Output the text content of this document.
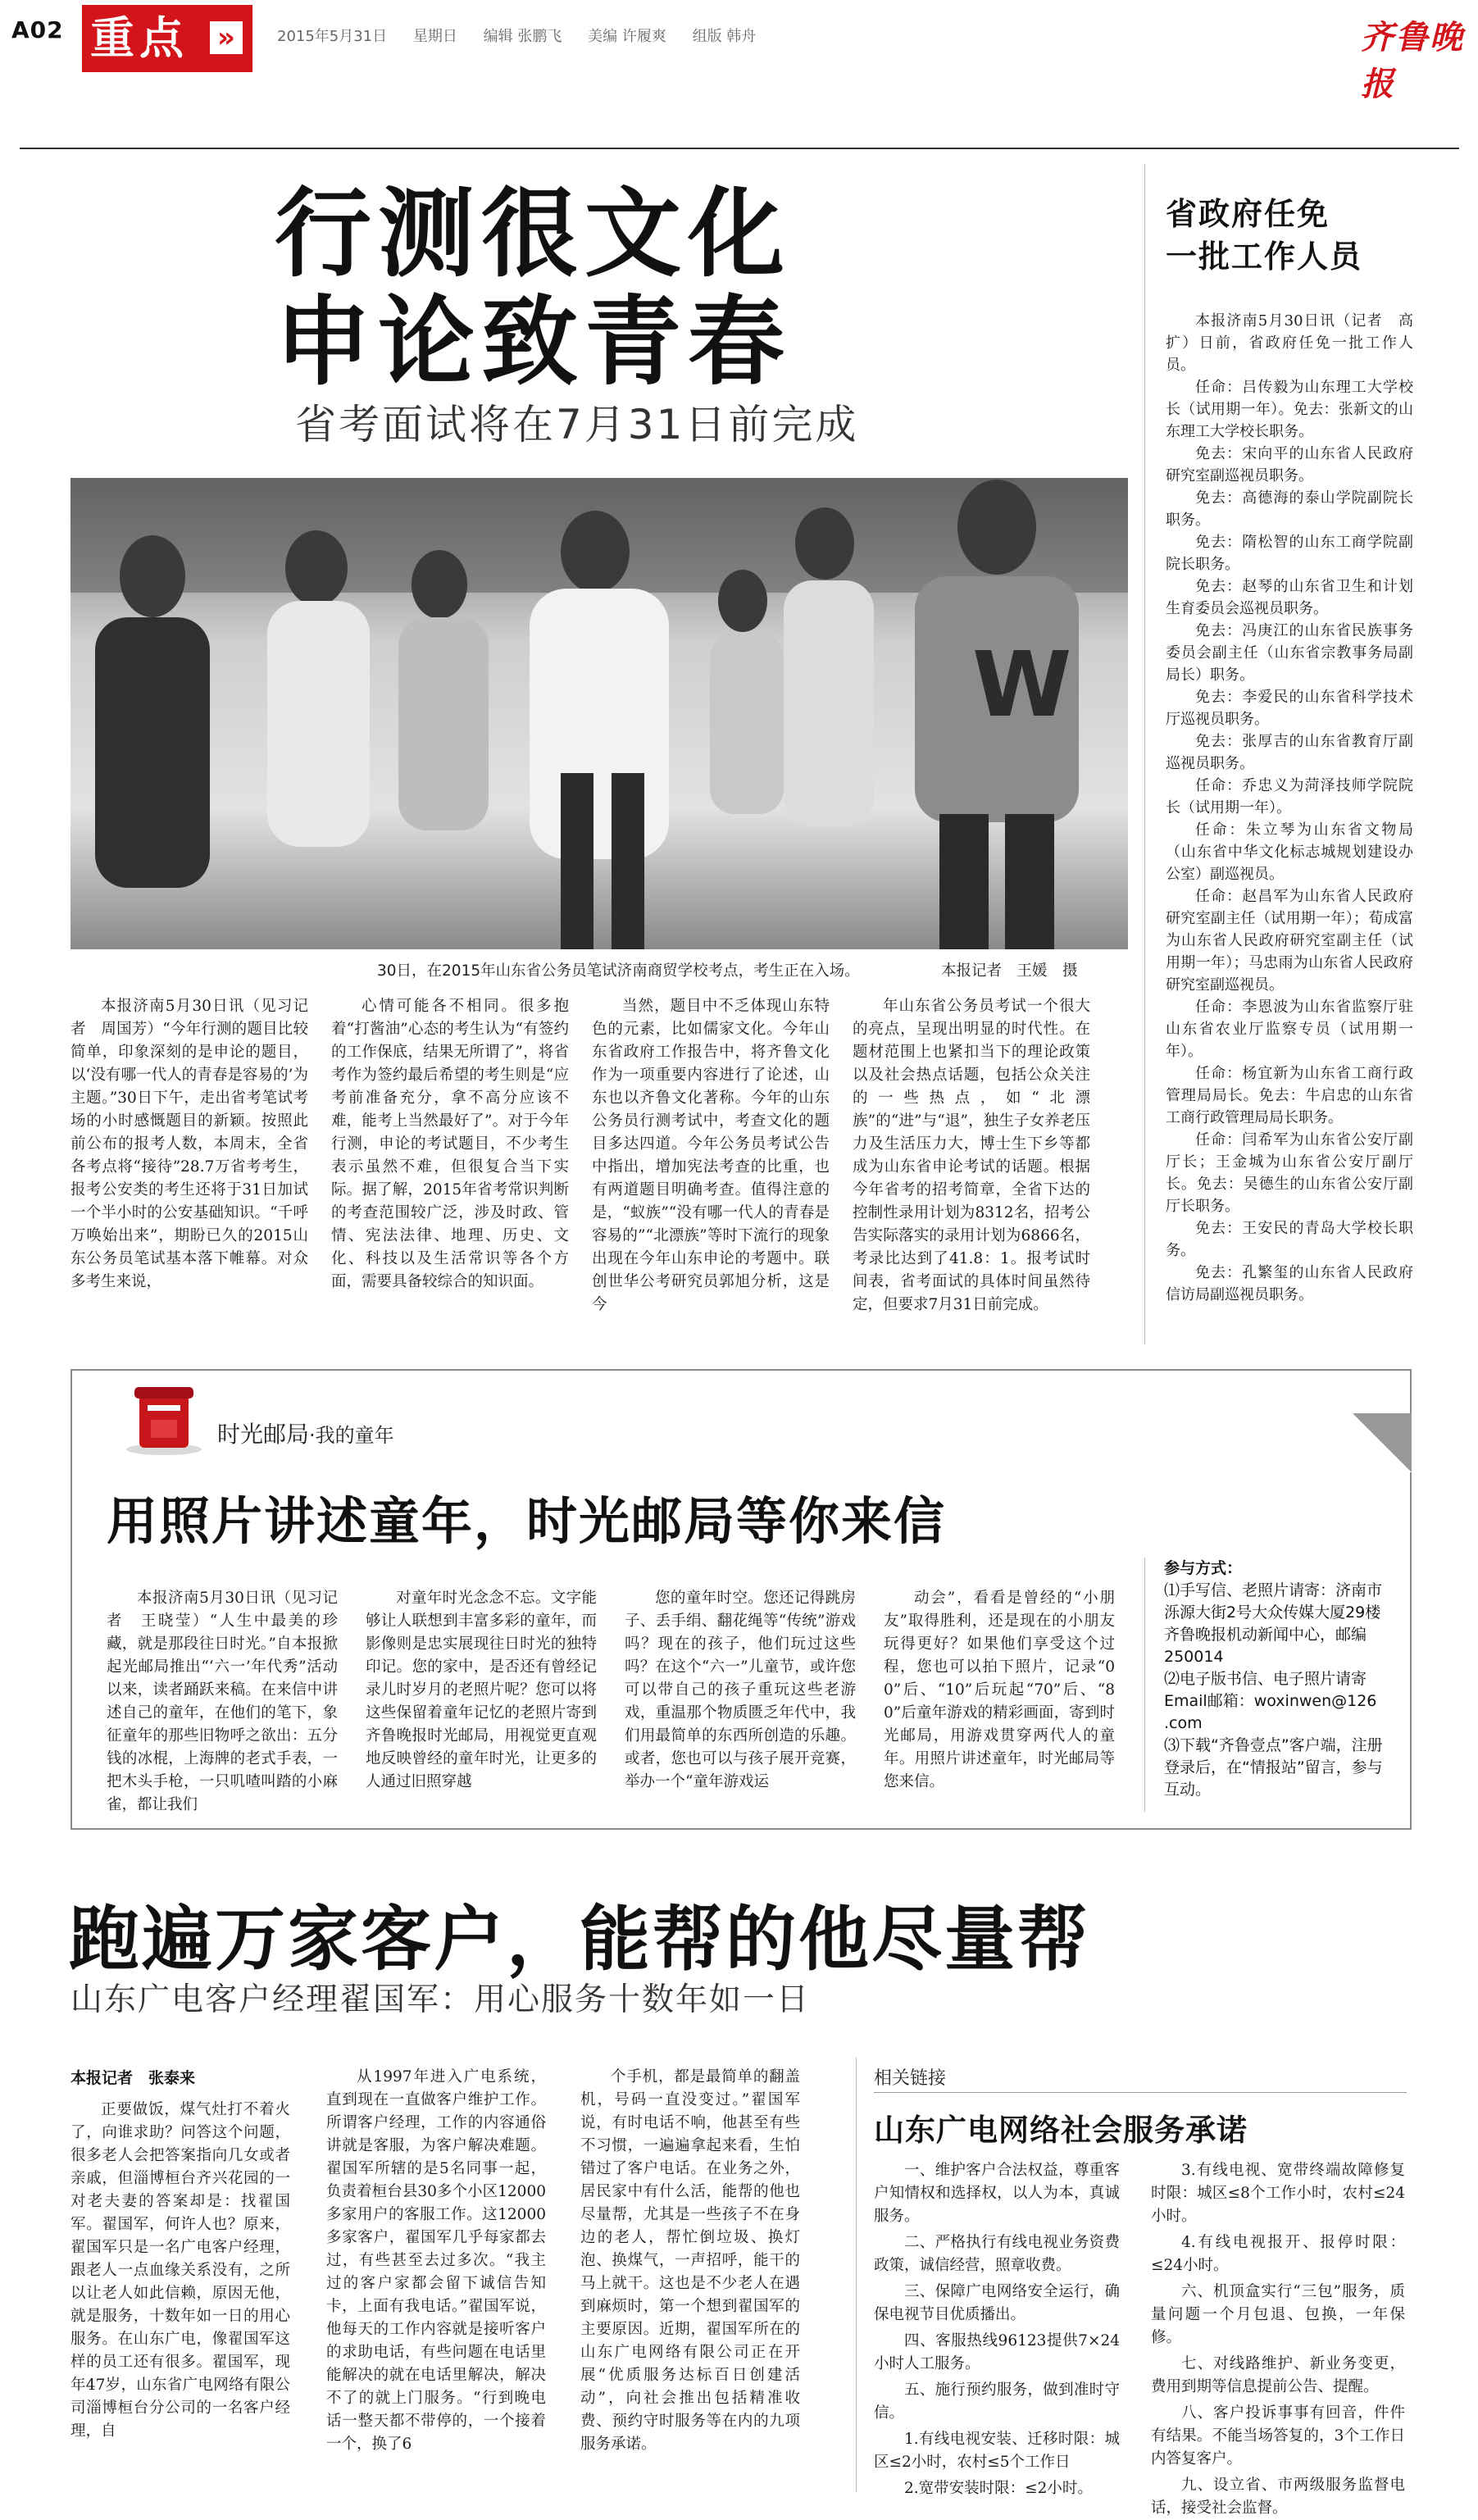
A02 重点	»	2015年5月31日 星期日 编辑 张鹏飞 美编 许履爽 组版 韩舟	齐鲁晚报
行测很文化
申论致青春
省考面试将在7月31日前完成
W
30日，在2015年山东省公务员笔试济南商贸学校考点，考生正在入场。	本报记者　王媛　摄

本报济南5月30日讯（见习记者　周国芳）“今年行测的题目比较简单，印象深刻的是申论的题目，以‘没有哪一代人的青春是容易的’为主题。”30日下午，走出省考笔试考场的小时感慨题目的新颖。按照此前公布的报考人数，本周末，全省各考点将“接待”28.7万省考考生，报考公安类的考生还将于31日加试一个半小时的公安基础知识。“千呼万唤始出来”，期盼已久的2015山东公务员笔试基本落下帷幕。对众多考生来说，

心情可能各不相同。很多抱着“打酱油”心态的考生认为“有签约的工作保底，结果无所谓了”，将省考作为签约最后希望的考生则是“应考前准备充分，拿不高分应该不难，能考上当然最好了”。对于今年行测，申论的考试题目，不少考生表示虽然不难，但很复合当下实际。据了解，2015年省考常识判断的考查范围较广泛，涉及时政、管情、宪法法律、地理、历史、文化、科技以及生活常识等各个方面，需要具备较综合的知识面。

当然，题目中不乏体现山东特色的元素，比如儒家文化。今年山东省政府工作报告中，将齐鲁文化作为一项重要内容进行了论述，山东也以齐鲁文化著称。今年的山东公务员行测考试中，考查文化的题目多达四道。今年公务员考试公告中指出，增加宪法考查的比重，也有两道题目明确考查。值得注意的是，“蚁族”“没有哪一代人的青春是容易的”“北漂族”等时下流行的现象出现在今年山东申论的考题中。联创世华公考研究员郭旭分析，这是今

年山东省公务员考试一个很大的亮点，呈现出明显的时代性。在题材范围上也紧扣当下的理论政策以及社会热点话题，包括公众关注的一些热点，如“北漂族”的“进”与“退”，独生子女养老压力及生活压力大，博士生下乡等都成为山东省申论考试的话题。根据今年省考的招考简章，全省下达的控制性录用计划为8312名，招考公告实际落实的录用计划为6866名，考录比达到了41.8：1。报考试时间表，省考面试的具体时间虽然待定，但要求7月31日前完成。

省政府任免
一批工作人员

本报济南5月30日讯（记者　高扩）日前，省政府任免一批工作人员。

任命：吕传毅为山东理工大学校长（试用期一年）。免去：张新文的山东理工大学校长职务。

免去：宋向平的山东省人民政府研究室副巡视员职务。

免去：高德海的泰山学院副院长职务。

免去：隋松智的山东工商学院副院长职务。

免去：赵琴的山东省卫生和计划生育委员会巡视员职务。

免去：冯庚江的山东省民族事务委员会副主任（山东省宗教事务局副局长）职务。

免去：李爱民的山东省科学技术厅巡视员职务。

免去：张厚吉的山东省教育厅副巡视员职务。

任命：乔忠义为菏泽技师学院院长（试用期一年）。

任命：朱立琴为山东省文物局（山东省中华文化标志城规划建设办公室）副巡视员。

任命：赵昌军为山东省人民政府研究室副主任（试用期一年）；荀成富为山东省人民政府研究室副主任（试用期一年）；马忠雨为山东省人民政府研究室副巡视员。

任命：李恩波为山东省监察厅驻山东省农业厅监察专员（试用期一年）。

任命：杨宜新为山东省工商行政管理局局长。免去：牛启忠的山东省工商行政管理局局长职务。

任命：闫希军为山东省公安厅副厅长；王金城为山东省公安厅副厅长。免去：吴德生的山东省公安厅副厅长职务。

免去：王安民的青岛大学校长职务。

免去：孔繁玺的山东省人民政府信访局副巡视员职务。

时光邮局·我的童年
用照片讲述童年，时光邮局等你来信

本报济南5月30日讯（见习记者　王晓莹）“人生中最美的珍藏，就是那段往日时光。”自本报掀起光邮局推出“‘六一’年代秀”活动以来，读者踊跃来稿。在来信中讲述自己的童年，在他们的笔下，象征童年的那些旧物呼之欲出：五分钱的冰棍，上海牌的老式手表，一把木头手枪，一只叽喳叫踏的小麻雀，都让我们

对童年时光念念不忘。文字能够让人联想到丰富多彩的童年，而影像则是忠实展现往日时光的独特印记。您的家中，是否还有曾经记录儿时岁月的老照片呢？您可以将这些保留着童年记忆的老照片寄到齐鲁晚报时光邮局，用视觉更直观地反映曾经的童年时光，让更多的人通过旧照穿越

您的童年时空。您还记得跳房子、丢手绢、翻花绳等“传统”游戏吗？现在的孩子，他们玩过这些吗？在这个“六一”儿童节，或许您可以带自己的孩子重玩这些老游戏，重温那个物质匮乏年代中，我们用最简单的东西所创造的乐趣。或者，您也可以与孩子展开竞赛，举办一个“童年游戏运

动会”，看看是曾经的“小朋友”取得胜利，还是现在的小朋友玩得更好？如果他们享受这个过程，您也可以拍下照片，记录“00”后、“10”后玩起“70”后、“80”后童年游戏的精彩画面，寄到时光邮局，用游戏贯穿两代人的童年。用照片讲述童年，时光邮局等您来信。

参与方式：
⑴手写信、老照片请寄：济南市泺源大街2号大众传媒大厦29楼齐鲁晚报机动新闻中心，邮编250014
⑵电子版书信、电子照片请寄Email邮箱：woxinwen@126 .com
⑶下载“齐鲁壹点”客户端，注册登录后，在“情报站”留言，参与互动。
跑遍万家客户，能帮的他尽量帮
山东广电客户经理翟国军：用心服务十数年如一日
本报记者　张泰来

正要做饭，煤气灶打不着火了，向谁求助？问答这个问题，很多老人会把答案指向几女或者亲戚，但淄博桓台齐兴花园的一对老夫妻的答案却是：找翟国军。翟国军，何许人也？原来，翟国军只是一名广电客户经理，跟老人一点血缘关系没有，之所以让老人如此信赖，原因无他，就是服务，十数年如一日的用心服务。在山东广电，像翟国军这样的员工还有很多。翟国军，现年47岁，山东省广电网络有限公司淄博桓台分公司的一名客户经理，自

从1997年进入广电系统，直到现在一直做客户维护工作。所谓客户经理，工作的内容通俗讲就是客服，为客户解决难题。翟国军所辖的是5名同事一起，负责着桓台县30多个小区12000多家用户的客服工作。这12000多家客户，翟国军几乎每家都去过，有些甚至去过多次。“我主过的客户家都会留下诚信告知卡，上面有我电话。”翟国军说，他每天的工作内容就是接听客户的求助电话，有些问题在电话里能解决的就在电话里解决，解决不了的就上门服务。“行到晚电话一整天都不带停的，一个接着一个，换了6

个手机，都是最简单的翻盖机，号码一直没变过。”翟国军说，有时电话不响，他甚至有些不习惯，一遍遍拿起来看，生怕错过了客户电话。在业务之外，居民家中有什么活，能帮的他也尽量帮，尤其是一些孩子不在身边的老人，帮忙倒垃圾、换灯泡、换煤气，一声招呼，能干的马上就干。这也是不少老人在遇到麻烦时，第一个想到翟国军的主要原因。近期，翟国军所在的山东广电网络有限公司正在开展“优质服务达标百日创建活动”，向社会推出包括精准收费、预约守时服务等在内的九项服务承诺。

相关链接
山东广电网络社会服务承诺

一、维护客户合法权益，尊重客户知情权和选择权，以人为本，真诚服务。

二、严格执行有线电视业务资费政策，诚信经营，照章收费。

三、保障广电网络安全运行，确保电视节目优质播出。

四、客服热线96123提供7×24小时人工服务。

五、施行预约服务，做到准时守信。

1.有线电视安装、迁移时限：城区≤2小时，农村≤5个工作日

2.宽带安装时限：≤2小时。

3.有线电视、宽带终端故障修复时限：城区≤8个工作小时，农村≤24小时。

4.有线电视报开、报停时限：≤24小时。

六、机顶盒实行“三包”服务，质量问题一个月包退、包换，一年保修。

七、对线路维护、新业务变更，费用到期等信息提前公告、提醒。

八、客户投诉事事有回音，件件有结果。不能当场答复的，3个工作日内答复客户。

九、设立省、市两级服务监督电话，接受社会监督。
